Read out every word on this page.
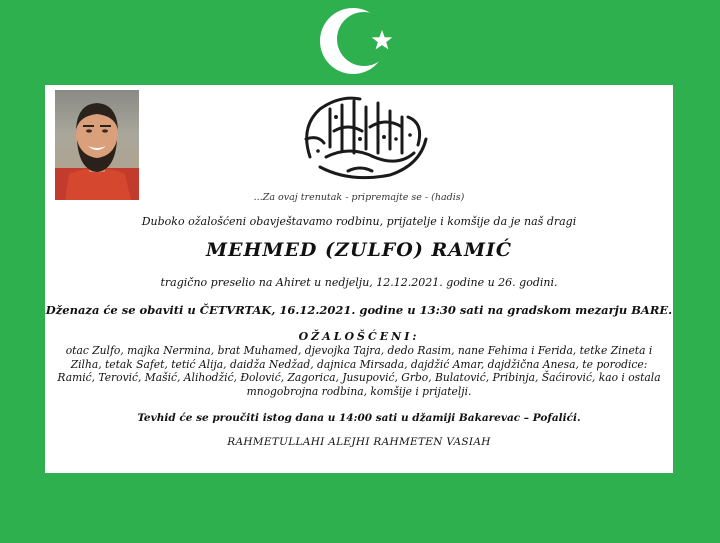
...Za ovaj trenutak - pripremajte se - (hadis)
Duboko ožalošćeni obavještavamo rodbinu, prijatelje i komšije da je naš dragi
MEHMED (ZULFO) RAMIĆ
tragično preselio na Ahiret u nedjelju, 12.12.2021. godine u 26. godini.
Dženaza će se obaviti u ČETVRTAK, 16.12.2021. godine u 13:30 sati na gradskom mezarju BARE.
OŽALOŠĆENI:
otac Zulfo, majka Nermina, brat Muhamed, djevojka Tajra, dedo Rasim, nane Fehima i Ferida, tetke Zineta i Zilha, tetak Safet, tetić Alija, daidža Nedžad, dajnica Mirsada, dajdžić Amar, dajdžična Anesa, te porodice: Ramić, Terović, Mašić, Alihodžić, Đolović, Zagorica, Jusupović, Grbo, Bulatović, Pribinja, Šaćirović, kao i ostala mnogobrojna rodbina, komšije i prijatelji.
Tevhid će se proučiti istog dana u 14:00 sati u džamiji Bakarevac – Pofalići.
RAHMETULLAHI ALEJHI RAHMETEN VASIAH
